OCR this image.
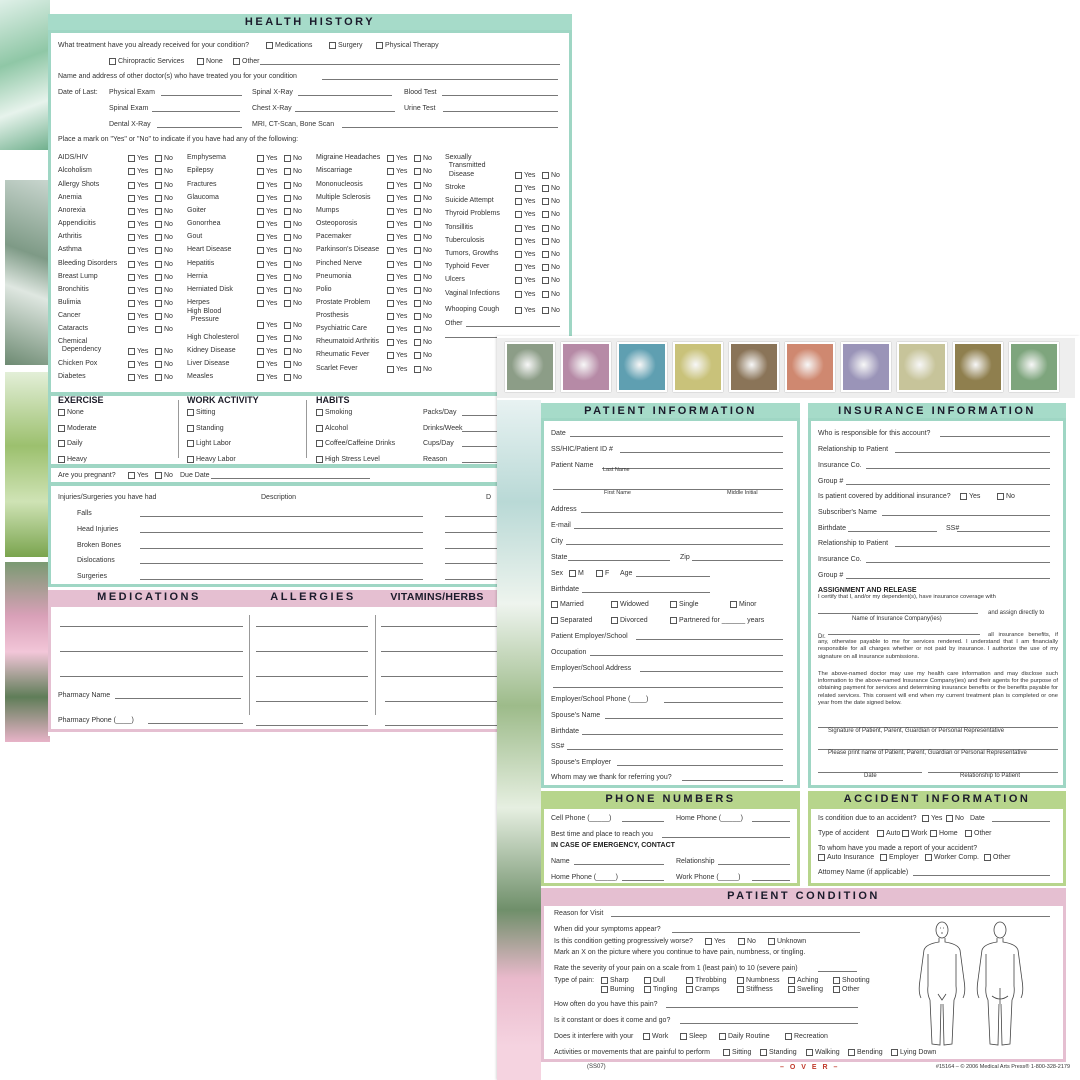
HEALTH HISTORY
What treatment have you already received for your condition?	Medications	Surgery	Physical Therapy
Chiropractic Services	None	Other
Name and address of other doctor(s) who have treated you for your condition
Date of Last: Physical Exam	Spinal X-Ray	Blood Test
Spinal Exam	Chest X-Ray	Urine Test
Dental X-Ray	MRI, CT-Scan, Bone Scan
Place a mark on "Yes" or "No" to indicate if you have had any of the following:
AIDS/HIV	Yes No
Alcoholism	Yes No
Allergy Shots	Yes No
Anemia	Yes No
Anorexia	Yes No
Appendicitis	Yes No
Arthritis	Yes No
Asthma	Yes No
Bleeding Disorders	Yes No
Breast Lump	Yes No
Bronchitis	Yes No
Bulimia	Yes No
Cancer	Yes No
Cataracts	Yes No
Chemical
Dependency	Yes No
Chicken Pox	Yes No
Diabetes	Yes No
Emphysema	Yes No
Epilepsy	Yes No
Fractures	Yes No
Glaucoma	Yes No
Goiter	Yes No
Gonorrhea	Yes No
Gout	Yes No
Heart Disease	Yes No
Hepatitis	Yes No
Hernia	Yes No
Herniated Disk	Yes No
Herpes	Yes No
High Blood
Pressure
Yes No
High Cholesterol	Yes No
Kidney Disease	Yes No
Liver Disease	Yes No
Measles	Yes No
Migraine Headaches Yes No
Miscarriage	Yes No
Mononucleosis	Yes No
Multiple Sclerosis	Yes No
Mumps	Yes No
Osteoporosis	Yes No
Pacemaker	Yes No
Parkinson's Disease Yes No
Pinched Nerve	Yes No
Pneumonia	Yes No
Polio	Yes No
Prostate Problem	Yes No
Prosthesis	Yes No
Psychiatric Care	Yes No
Rheumatoid Arthritis Yes No
Rheumatic Fever	Yes No
Scarlet Fever	Yes No
Sexually
Transmitted
Disease	Yes No
Stroke	Yes No
Suicide Attempt	Yes No
Thyroid Problems	Yes No
Tonsillitis	Yes No
Tuberculosis	Yes No
Tumors, Growths	Yes No
Typhoid Fever	Yes No
Ulcers	Yes No
Vaginal Infections	Yes No
Whooping Cough	Yes No
Other
EXERCISE	WORK ACTIVITY	HABITS
None	Sitting	Smoking	Packs/Day
Moderate	Standing	Alcohol	Drinks/Week
Daily	Light Labor	Coffee/Caffeine Drinks	Cups/Day
Heavy	Heavy Labor	High Stress Level	Reason
Are you pregnant?	Yes No Due Date
Injuries/Surgeries you have had	Description	D
Falls
Head Injuries
Broken Bones
Dislocations
Surgeries
MEDICATIONS	ALLERGIES	VITAMINS/HERBS
Pharmacy Name
Pharmacy Phone (____)
PATIENT INFORMATION
Date
SS/HIC/Patient ID #
Patient Name
Last Name
First Name	Middle Initial
Address
E-mail
City
State	Zip
Sex M	F Age
Birthdate
Married	Widowed	Single	Minor
Separated	Divorced	Partnered for ______ years
Patient Employer/School
Occupation
Employer/School Address
Employer/School Phone (____)
Spouse's Name
Birthdate
SS#
Spouse's Employer
Whom may we thank for referring you?
INSURANCE INFORMATION
Who is responsible for this account?
Relationship to Patient
Insurance Co.
Group #
Is patient covered by additional insurance?	Yes	No
Subscriber's Name
Birthdate	SS#
Relationship to Patient
Insurance Co.
Group #
ASSIGNMENT AND RELEASE
I certify that I, and/or my dependent(s), have insurance coverage with
and assign directly to
Name of Insurance Company(ies)
all insurance benefits, if any, otherwise payable to me for services rendered. I understand that I am financially responsible for all charges whether or not paid by insurance. I authorize the use of my signature on all insurance submissions.
Dr.
The above-named doctor may use my health care information and may disclose such information to the above-named Insurance Company(ies) and their agents for the purpose of obtaining payment for services and determining insurance benefits or the benefits payable for related services. This consent will end when my current treatment plan is completed or one year from the date signed below.
Signature of Patient, Parent, Guardian or Personal Representative
Please print name of Patient, Parent, Guardian or Personal Representative
Date	Relationship to Patient
PHONE NUMBERS
Cell Phone (_____)	Home Phone (_____)
Best time and place to reach you
IN CASE OF EMERGENCY, CONTACT
Name	Relationship
Home Phone (_____)	Work Phone (_____)
ACCIDENT INFORMATION
Is condition due to an accident? Yes No Date
Type of accident Auto Work Home Other
To whom have you made a report of your accident?
Auto Insurance Employer Worker Comp. Other
Attorney Name (if applicable)
PATIENT CONDITION
Reason for Visit
When did your symptoms appear?
Is this condition getting progressively worse?	Yes	No	Unknown
Mark an X on the picture where you continue to have pain, numbness, or tingling.
Rate the severity of your pain on a scale from 1 (least pain) to 10 (severe pain)
Type of pain: Sharp
Burning
Dull
Tingling
Throbbing
Cramps
Numbness
Stiffness
Aching
Swelling
Shooting
Other
How often do you have this pain?
Is it constant or does it come and go?
Does it interfere with your	Work	Sleep	Daily Routine	Recreation
Activities or movements that are painful to perform	Sitting	Standing	Walking Bending Lying Down
(SS07)	– O V E R –	#15164 – © 2006 Medical Arts Press® 1-800-328-2179
